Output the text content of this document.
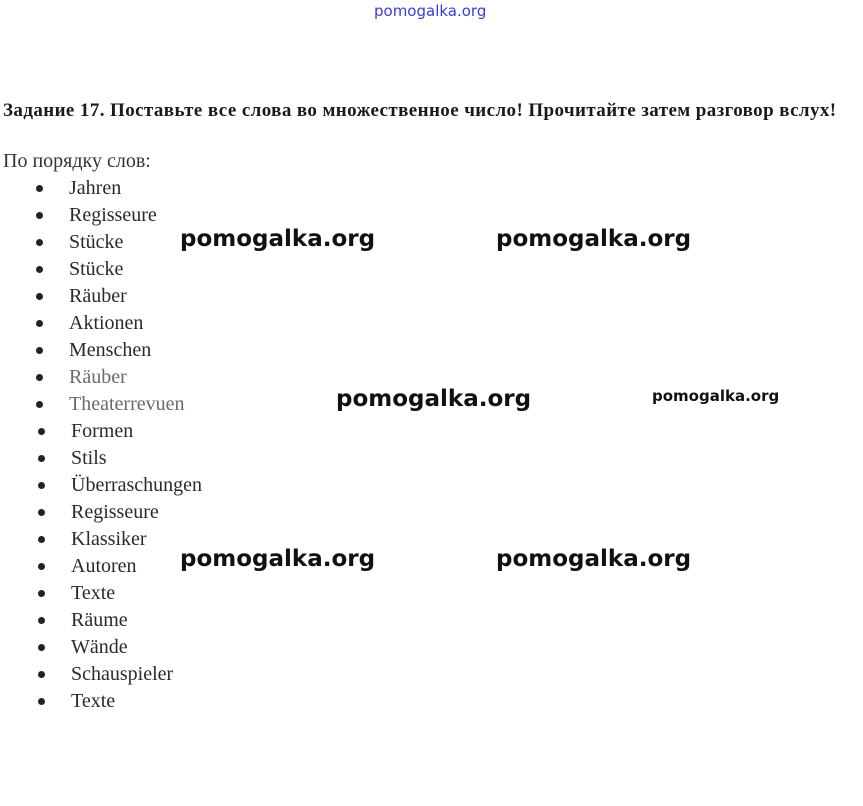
pomogalka.org
Задание 17. Поставьте все слова во множественное число! Прочитайте затем разговор вслух!
По порядку слов:
Jahren
Regisseure
Stücke
Stücke
Räuber
Aktionen
Menschen
Räuber
Theaterrevuen
Formen
Stils
Überraschungen
Regisseure
Klassiker
Autoren
Texte
Räume
Wände
Schauspieler
Texte
pomogalka.org	pomogalka.org
pomogalka.org	pomogalka.org
pomogalka.org	pomogalka.org
